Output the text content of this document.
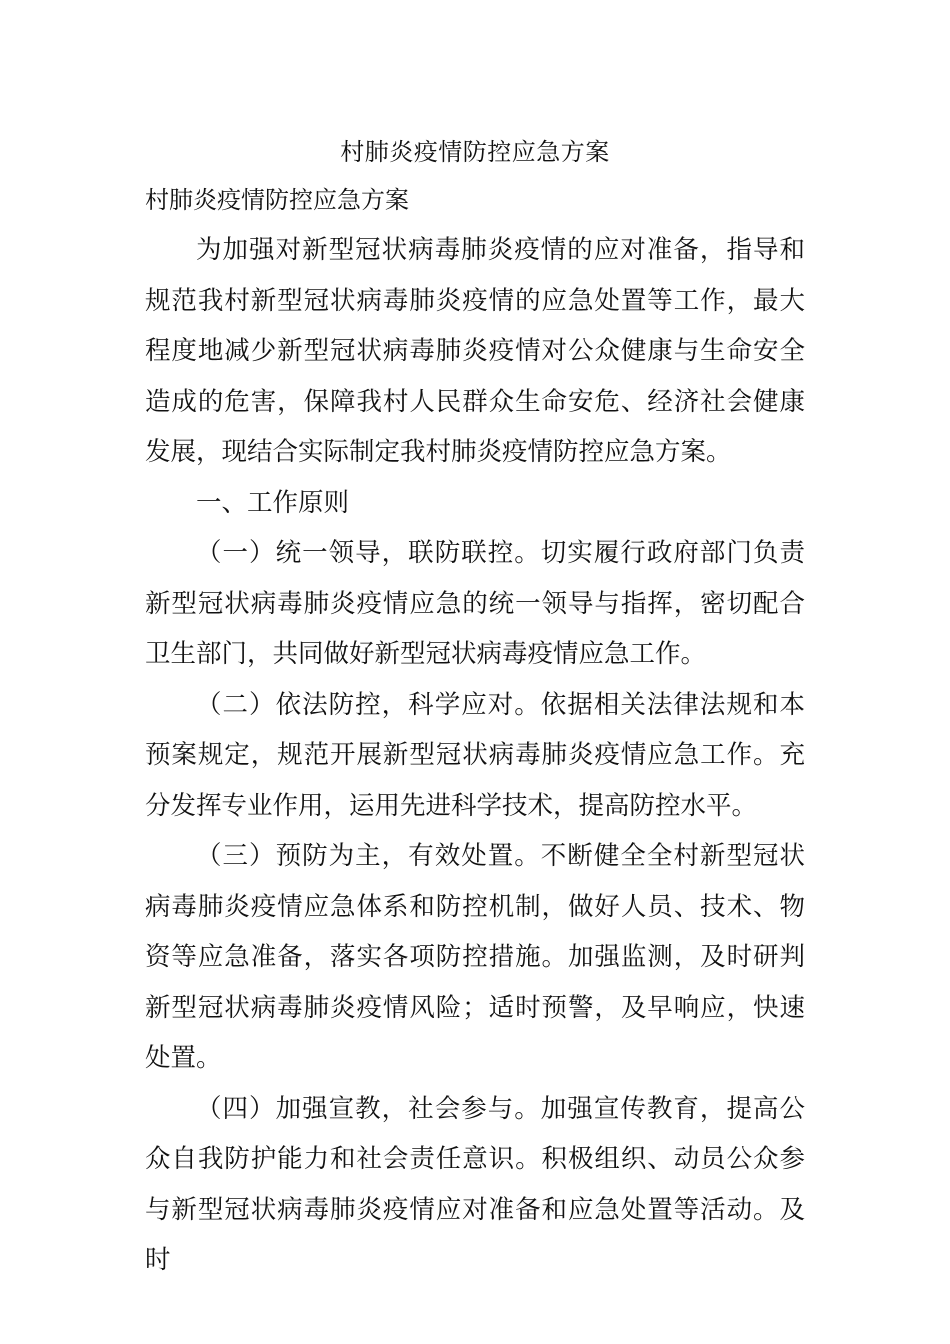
村肺炎疫情防控应急方案

村肺炎疫情防控应急方案

为加强对新型冠状病毒肺炎疫情的应对准备，指导和规范我村新型冠状病毒肺炎疫情的应急处置等工作，最大程度地减少新型冠状病毒肺炎疫情对公众健康与生命安全造成的危害，保障我村人民群众生命安危、经济社会健康发展，现结合实际制定我村肺炎疫情防控应急方案。

一、工作原则

（一）统一领导，联防联控。切实履行政府部门负责新型冠状病毒肺炎疫情应急的统一领导与指挥，密切配合卫生部门，共同做好新型冠状病毒疫情应急工作。

（二）依法防控，科学应对。依据相关法律法规和本预案规定，规范开展新型冠状病毒肺炎疫情应急工作。充分发挥专业作用，运用先进科学技术，提高防控水平。

（三）预防为主，有效处置。不断健全全村新型冠状病毒肺炎疫情应急体系和防控机制，做好人员、技术、物资等应急准备，落实各项防控措施。加强监测，及时研判新型冠状病毒肺炎疫情风险；适时预警，及早响应，快速处置。

（四）加强宣教，社会参与。加强宣传教育，提高公众自我防护能力和社会责任意识。积极组织、动员公众参与新型冠状病毒肺炎疫情应对准备和应急处置等活动。及时
